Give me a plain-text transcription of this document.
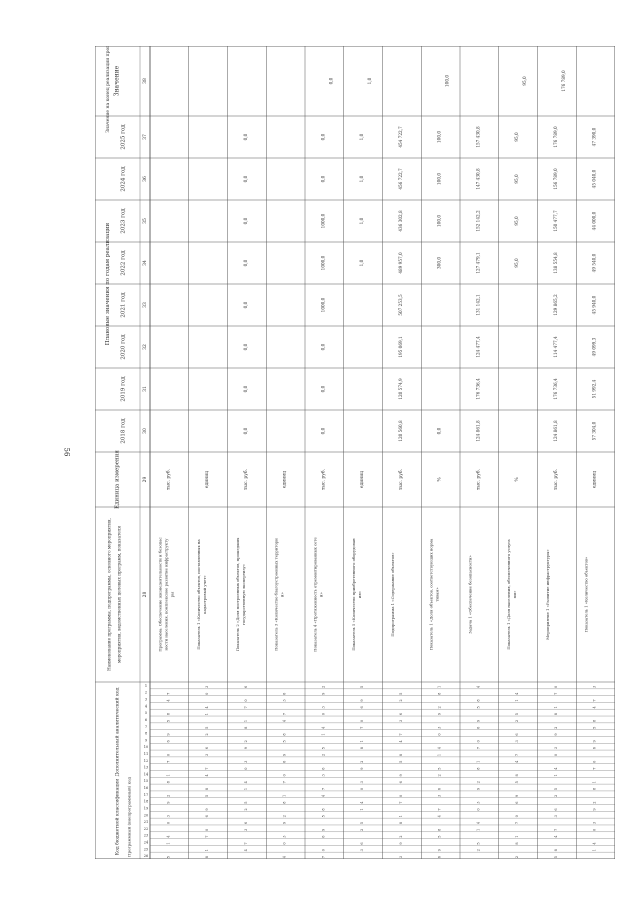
56
Значение
Значение на конец реализации программы
2018 год
2019 год
2020 год
2021 год
2022 год
2023 год
2024 год
2025 год
Плановые значения по годам реализации
Единица измерения
Наименование программы, подпрограммы, основного мероприятия, мероприятия, ведомственных целевых программ, показателя
Дополнительный аналитический код
Код бюджетной классификации Программный (внепрограммный) код
28
29
30
31
32
33
34
35
36
37
38
1
2
3
4
5
6
7
8
9
10
11
12
13
14
15
16
17
18
19
20
21
22
23
24
25
26
Программа: Обеспечение жизнедеятельности и безопас ности населения, комплексное развитие инфраструкту ры
тыс. руб.
7
4
8
5
9
6
0
7
1
8
2
9
3
0
4
1
5
Показатель 1 «Количество объектов, поставленных на кадастровый учет»
единиц
3
0
4
1
5
2
6
3
7
4
8
5
9
6
0
7
1
8
Показатель 2 «Доля построенных объектов, прошедших государственную экспертизу»
тыс. руб.
0,0
0,0
0,0
0,0
0,0
0,0
0,0
0,0
6
0
7
1
8
2
9
3
0
4
1
5
2
6
3
7
4
Показатель 3 «Количество благоустроенных территори й»
единиц
6
3
7
4
8
5
9
6
0
7
1
8
2
9
3
0
4
Показатель 4 «Протяженность отремонтированных сете й»
тыс. руб.
0,0
0,0
0,0
1000,0
1000,0
1000,0
0,0
0,0
0,0
2
9
3
0
4
1
5
2
6
3
7
4
8
5
9
6
0
7
Показатель 5 «Количество приобретенного оборудован ия»
единиц
1,0
1,0
1,0
1,0
1,0
5
9
6
0
7
1
8
2
9
3
0
4
1
5
2
6
3
Подпрограмма 1 «Содержание объектов»
тыс. руб.
120 560,8
120 574,9
195 069,1
507 253,5
489 957,0
436 302,8
456 722,7
454 722,7
5
2
6
3
7
4
8
5
9
6
0
7
1
8
2
9
3
Показатель 1 «Доля объектов, соответствующих норма тивам»
%
0,0
300,0
100,0
100,0
100,0
100,0
1
8
2
9
3
0
4
1
5
2
6
3
7
4
8
5
9
6
Задача 1 «Обеспечение безопасности»
тыс. руб.
124 861,8
176 736,4
124 477,4
131 142,1
127 479,1
152 142,2
147 430,8
157 430,8
4
8
5
9
6
0
7
1
8
2
9
3
0
4
1
5
2
Показатель 1 «Доля населения, обеспеченного услуга ми»
%
95,0
95,0
95,0
95,0
95,0
4
1
5
2
6
3
7
4
8
5
9
6
0
7
1
8
2
Мероприятие 1 «Развитие инфраструктуры»
тыс. руб.
124 861,8
176 736,4
114 477,4
129 865,2
138 554,8
150 477,7
156 789,0
176 789,0
176 789,0
0
7
1
8
2
9
3
0
4
1
5
2
6
3
7
4
8
5
Показатель 1 «Количество объектов»
единиц
57 304,0
51 992,4
49 099,3
45 940,0
49 540,0
44 000,0
45 040,0
47 390,0
3
7
4
8
5
9
6
0
7
1
8
2
9
3
0
4
1
